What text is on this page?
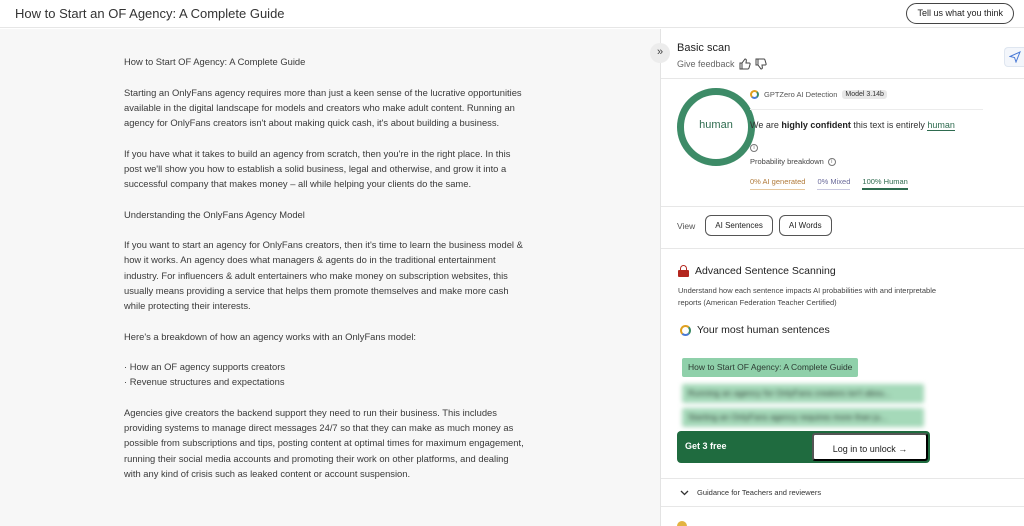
How to Start an OF Agency: A Complete Guide	Tell us what you think

How to Start OF Agency: A Complete Guide

Starting an OnlyFans agency requires more than just a keen sense of the lucrative opportunities available in the digital landscape for models and creators who make adult content. Running an agency for OnlyFans creators isn't about making quick cash, it's about building a business.

If you have what it takes to build an agency from scratch, then you're in the right place. In this post we'll show you how to establish a solid business, legal and otherwise, and grow it into a successful company that makes money – all while helping your clients do the same.

Understanding the OnlyFans Agency Model

If you want to start an agency for OnlyFans creators, then it's time to learn the business model & how it works. An agency does what managers & agents do in the traditional entertainment industry. For influencers & adult entertainers who make money on subscription websites, this usually means providing a service that helps them promote themselves and make more cash while protecting their interests.

Here's a breakdown of how an agency works with an OnlyFans model:

· How an OF agency supports creators

· Revenue structures and expectations

Agencies give creators the backend support they need to run their business. This includes providing systems to manage direct messages 24/7 so that they can make as much money as possible from subscriptions and tips, posting content at optimal times for maximum engagement, running their social media accounts and promoting their work on other platforms, and dealing with any kind of crisis such as leaked content or account suspension.

»	Basic scan
Give feedback
human
GPTZero AI Detection	Model 3.14b
We are highly confident this text is entirely human
i
Probability breakdown	i
0% AI generated 0% Mixed 100% Human
View	AI Sentences	AI Words
Advanced Sentence Scanning
Understand how each sentence impacts AI probabilities with and interpretable reports (American Federation Teacher Certified)
Your most human sentences
How to Start OF Agency: A Complete Guide
Running an agency for OnlyFans creators isn't abou...
Starting an OnlyFans agency requires more than ju...
Get 3 free	Log in to unlock →
Guidance for Teachers and reviewers
